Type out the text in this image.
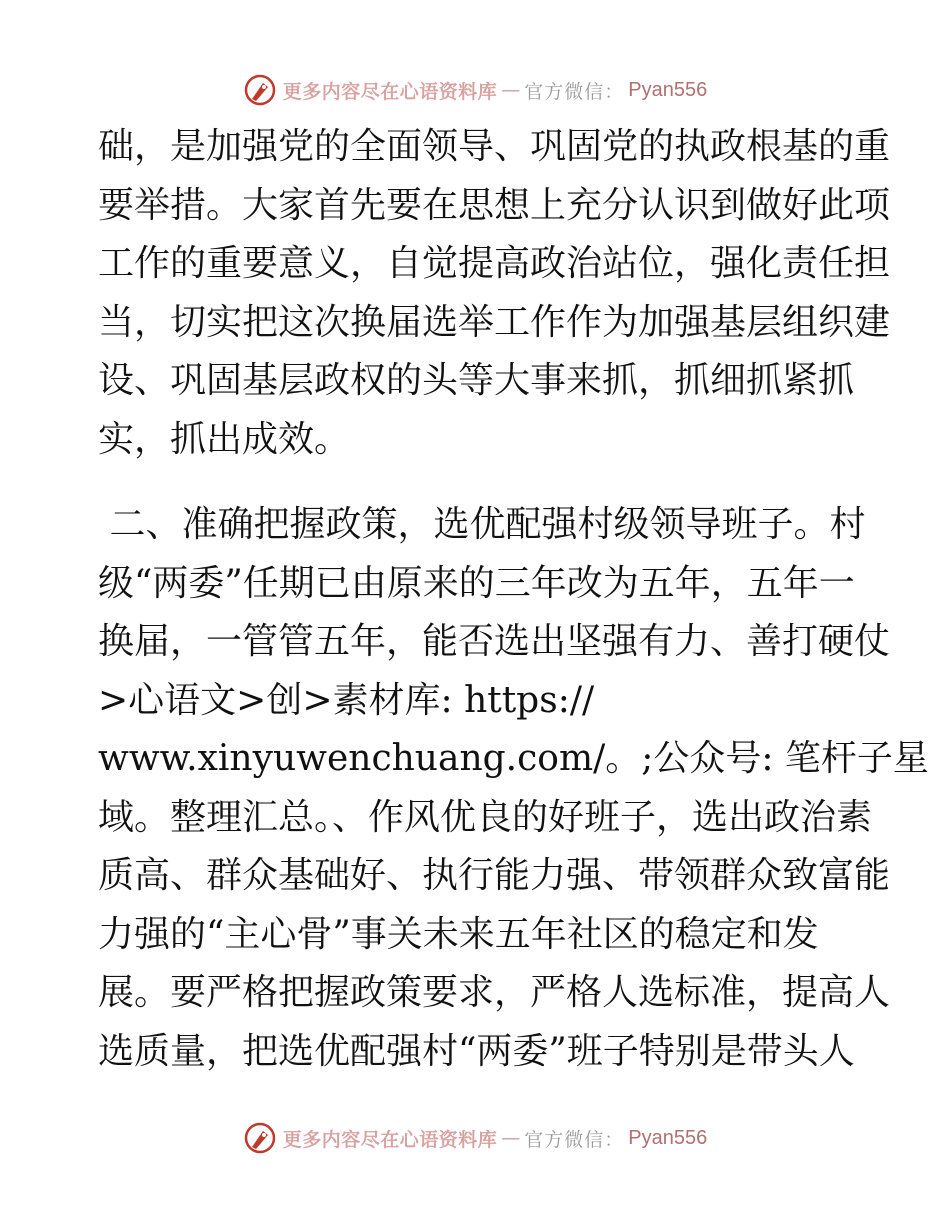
更多内容尽在心语资料库 — 官方微信： Pyan556
础，是加强党的全面领导、巩固党的执政根基的重
要举措。大家首先要在思想上充分认识到做好此项
工作的重要意义，自觉提高政治站位，强化责任担
当，切实把这次换届选举工作作为加强基层组织建
设、巩固基层政权的头等大事来抓，抓细抓紧抓
实，抓出成效。
二、准确把握政策，选优配强村级领导班子。村
级“两委”任期已由原来的三年改为五年，五年一
换届，一管管五年，能否选出坚强有力、善打硬仗
>心语文>创>素材库: https://
www.xinyuwenchuang.com/。;公众号: 笔杆子星
域。整理汇总。、作风优良的好班子，选出政治素
质高、群众基础好、执行能力强、带领群众致富能
力强的“主心骨”事关未来五年社区的稳定和发
展。要严格把握政策要求，严格人选标准，提高人
选质量，把选优配强村“两委”班子特别是带头人
更多内容尽在心语资料库 — 官方微信： Pyan556
